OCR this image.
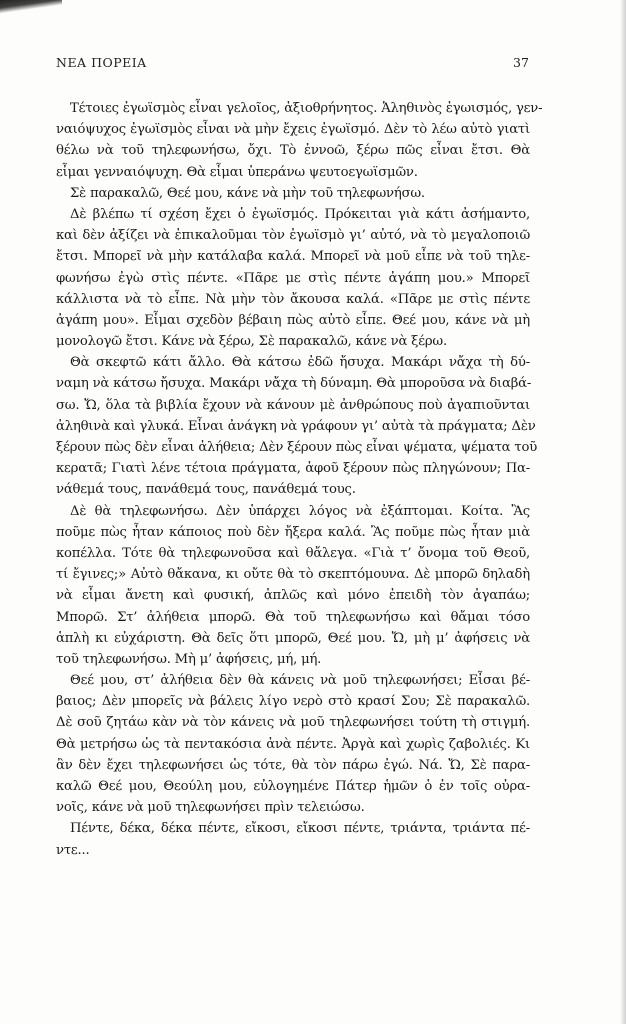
ΝΕΑ ΠΟΡΕΙΑ	37
Τέτοιες ἐγωϊσμὸς εἶναι γελοῖος, ἀξιοθρήνητος. Ἀληθινὸς ἐγωισμός, γεν-
ναιόψυχος ἐγωϊσμὸς εἶναι νὰ μὴν ἔχεις ἐγωϊσμό. Δὲν τὸ λέω αὐτὸ γιατὶ
θέλω νὰ τοῦ τηλεφωνήσω, ὄχι. Τὸ ἐννοῶ, ξέρω πῶς εἶναι ἔτσι. Θὰ
εἶμαι γενναιόψυχη. Θὰ εἶμαι ὑπεράνω ψευτοεγωϊσμῶν.
Σὲ παρακαλῶ, Θεέ μου, κάνε νὰ μὴν τοῦ τηλεφωνήσω.
Δὲ βλέπω τί σχέση ἔχει ὁ ἐγωϊσμός. Πρόκειται γιὰ κάτι ἀσήμαντο,
καὶ δὲν ἀξίζει νὰ ἐπικαλοῦμαι τὸν ἐγωϊσμὸ γι’ αὐτό, νὰ τὸ μεγαλοποιῶ
ἔτσι. Μπορεῖ νὰ μὴν κατάλαβα καλά. Μπορεῖ νὰ μοῦ εἶπε νὰ τοῦ τηλε-
φωνήσω ἐγὼ στὶς πέντε. «Πᾶρε με στὶς πέντε ἀγάπη μου.» Μπορεῖ
κάλλιστα νὰ τὸ εἶπε. Νὰ μὴν τὸν ἄκουσα καλά. «Πᾶρε με στὶς πέντε
ἀγάπη μου». Εἶμαι σχεδὸν βέβαιη πὼς αὐτὸ εἶπε. Θεέ μου, κάνε νὰ μὴ
μονολογῶ ἔτσι. Κάνε νὰ ξέρω, Σὲ παρακαλῶ, κάνε νὰ ξέρω.
Θὰ σκεφτῶ κάτι ἄλλο. Θὰ κάτσω ἐδῶ ἤσυχα. Μακάρι νἄχα τὴ δύ-
ναμη νὰ κάτσω ἤσυχα. Μακάρι νἄχα τὴ δύναμη. Θὰ μποροῦσα νὰ διαβά-
σω. Ὤ, ὅλα τὰ βιβλία ἔχουν νὰ κάνουν μὲ ἀνθρώπους ποὺ ἀγαπιοῦνται
ἀληθινὰ καὶ γλυκά. Εἶναι ἀνάγκη νὰ γράφουν γι’ αὐτὰ τὰ πράγματα; Δὲν
ξέρουν πὼς δὲν εἶναι ἀλήθεια; Δὲν ξέρουν πὼς εἶναι ψέματα, ψέματα τοῦ
κερατᾶ; Γιατὶ λένε τέτοια πράγματα, ἀφοῦ ξέρουν πὼς πληγώνουν; Πα-
νάθεμά τους, πανάθεμά τους, πανάθεμά τους.
Δὲ θὰ τηλεφωνήσω. Δὲν ὑπάρχει λόγος νὰ ἐξάπτομαι. Κοίτα. Ἂς
ποῦμε πὼς ἦταν κάποιος ποὺ δὲν ἤξερα καλά. Ἂς ποῦμε πὼς ἦταν μιὰ
κοπέλλα. Τότε θὰ τηλεφωνοῦσα καὶ θἄλεγα. «Γιὰ τ’ ὄνομα τοῦ Θεοῦ,
τί ἔγινες;» Αὐτὸ θἄκανα, κι οὔτε θὰ τὸ σκεπτόμουνα. Δὲ μπορῶ δηλαδὴ
νὰ εἶμαι ἄνετη καὶ φυσική, ἁπλῶς καὶ μόνο ἐπειδὴ τὸν ἀγαπάω;
Μπορῶ. Στ’ ἀλήθεια μπορῶ. Θὰ τοῦ τηλεφωνήσω καὶ θἄμαι τόσο
ἁπλὴ κι εὐχάριστη. Θὰ δεῖς ὅτι μπορῶ, Θεέ μου. Ὤ, μὴ μ’ ἀφήσεις νὰ
τοῦ τηλεφωνήσω. Μὴ μ’ ἀφήσεις, μή, μή.
Θεέ μου, στ’ ἀλήθεια δὲν θὰ κάνεις νὰ μοῦ τηλεφωνήσει; Εἶσαι βέ-
βαιος; Δὲν μπορεῖς νὰ βάλεις λίγο νερὸ στὸ κρασί Σου; Σὲ παρακαλῶ.
Δὲ σοῦ ζητάω κὰν νὰ τὸν κάνεις νὰ μοῦ τηλεφωνήσει τούτη τὴ στιγμή.
Θὰ μετρήσω ὡς τὰ πεντακόσια ἀνὰ πέντε. Ἀργὰ καὶ χωρὶς ζαβολιές. Κι
ἂν δὲν ἔχει τηλεφωνήσει ὡς τότε, θὰ τὸν πάρω ἐγώ. Νά. Ὤ, Σὲ παρα-
καλῶ Θεέ μου, Θεούλη μου, εὐλογημένε Πάτερ ἡμῶν ὁ ἐν τοῖς οὐρα-
νοῖς, κάνε νὰ μοῦ τηλεφωνήσει πρὶν τελειώσω.
Πέντε, δέκα, δέκα πέντε, εἴκοσι, εἴκοσι πέντε, τριάντα, τριάντα πέ-
ντε...
